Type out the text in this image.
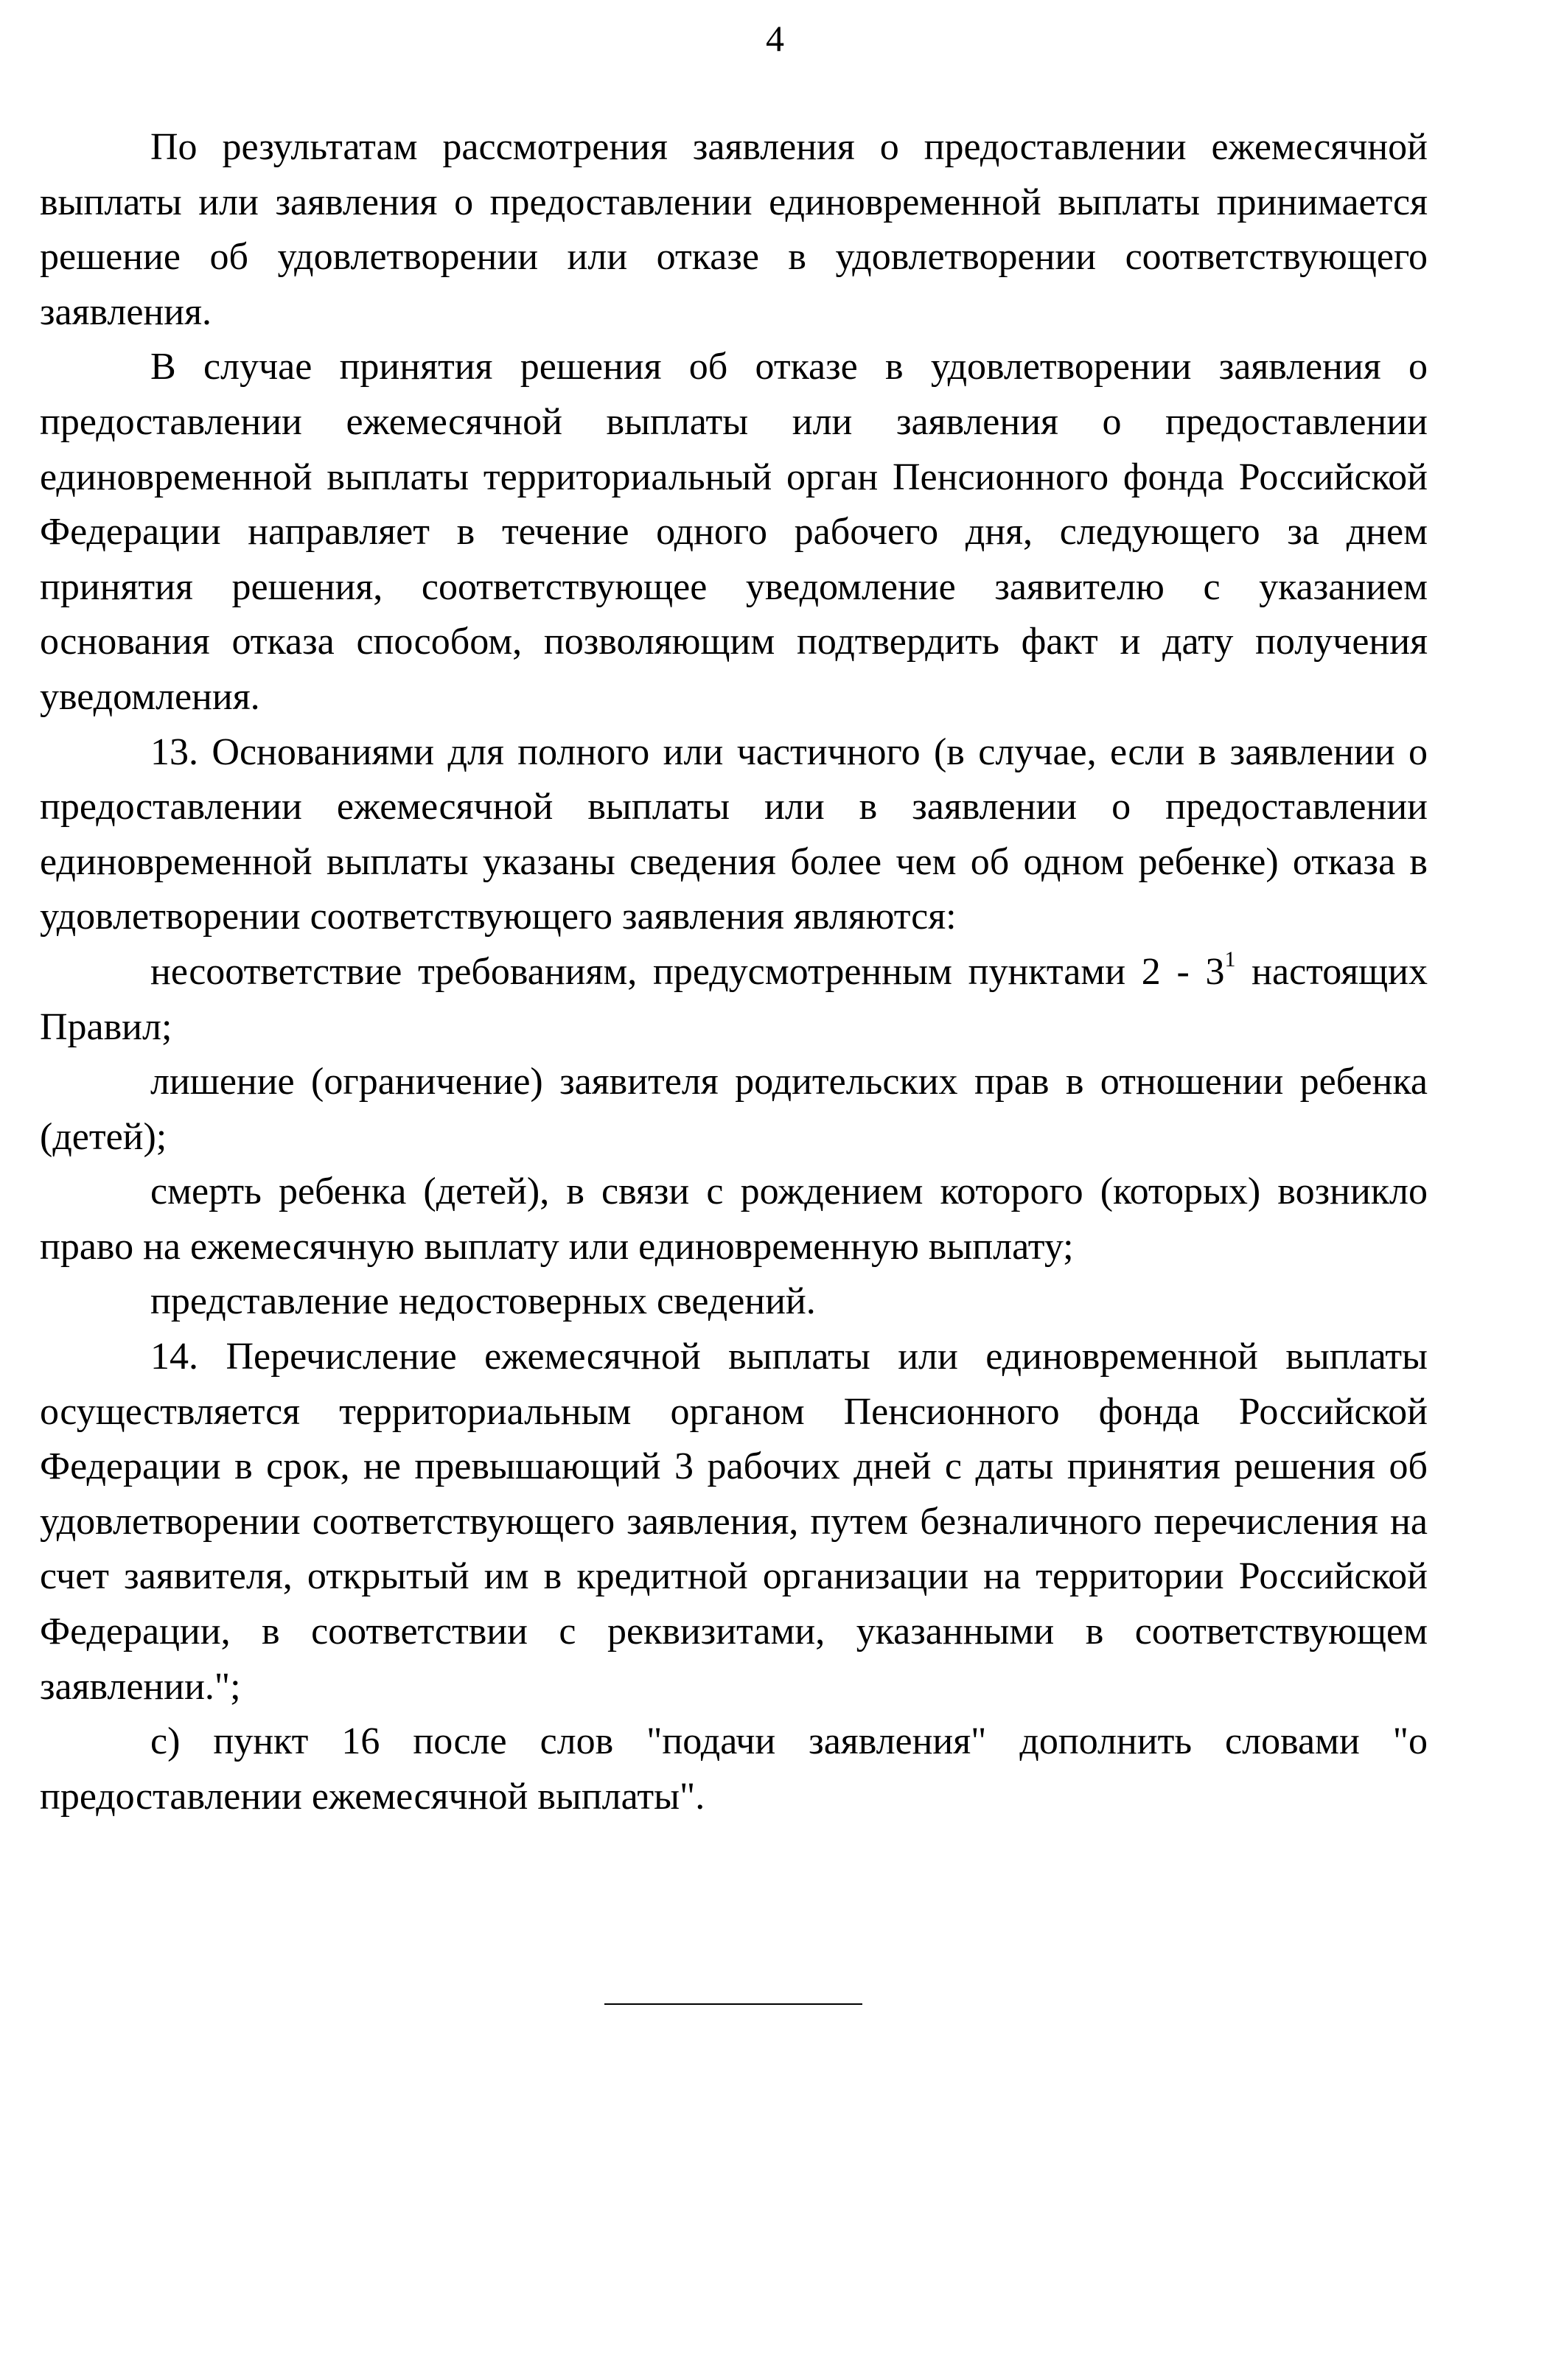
4

По результатам рассмотрения заявления о предоставлении ежемесячной выплаты или заявления о предоставлении единовременной выплаты принимается решение об удовлетворении или отказе в удовлетворении соответствующего заявления.

В случае принятия решения об отказе в удовлетворении заявления о предоставлении ежемесячной выплаты или заявления о предоставлении единовременной выплаты территориальный орган Пенсионного фонда Российской Федерации направляет в течение одного рабочего дня, следующего за днем принятия решения, соответствующее уведомление заявителю с указанием основания отказа способом, позволяющим подтвердить факт и дату получения уведомления.

13. Основаниями для полного или частичного (в случае, если в заявлении о предоставлении ежемесячной выплаты или в заявлении о предоставлении единовременной выплаты указаны сведения более чем об одном ребенке) отказа в удовлетворении соответствующего заявления являются:

несоответствие требованиям, предусмотренным пунктами $2 - 3^1$ настоящих Правил;

лишение (ограничение) заявителя родительских прав в отношении ребенка (детей);

смерть ребенка (детей), в связи с рождением которого (которых) возникло право на ежемесячную выплату или единовременную выплату;

представление недостоверных сведений.

14. Перечисление ежемесячной выплаты или единовременной выплаты осуществляется территориальным органом Пенсионного фонда Российской Федерации в срок, не превышающий 3 рабочих дней с даты принятия решения об удовлетворении соответствующего заявления, путем безналичного перечисления на счет заявителя, открытый им в кредитной организации на территории Российской Федерации, в соответствии с реквизитами, указанными в соответствующем заявлении.";

с) пункт 16 после слов "подачи заявления" дополнить словами "о предоставлении ежемесячной выплаты".
